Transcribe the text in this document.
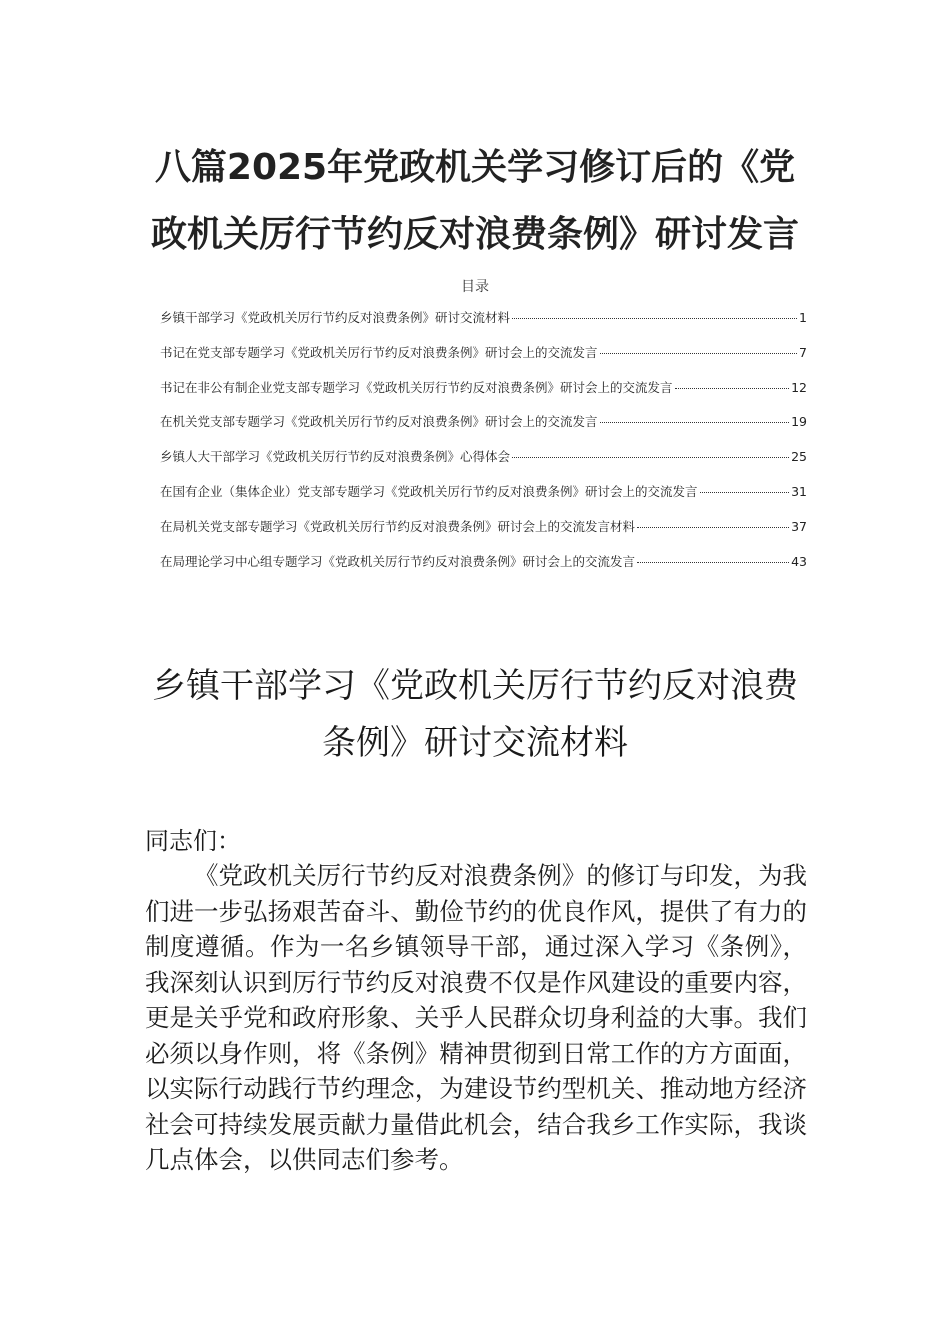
八篇2025年党政机关学习修订后的《党政机关厉行节约反对浪费条例》研讨发言
目录
乡镇干部学习《党政机关厉行节约反对浪费条例》研讨交流材料	1
书记在党支部专题学习《党政机关厉行节约反对浪费条例》研讨会上的交流发言	7
书记在非公有制企业党支部专题学习《党政机关厉行节约反对浪费条例》研讨会上的交流发言	12
在机关党支部专题学习《党政机关厉行节约反对浪费条例》研讨会上的交流发言	19
乡镇人大干部学习《党政机关厉行节约反对浪费条例》心得体会	25
在国有企业（集体企业）党支部专题学习《党政机关厉行节约反对浪费条例》研讨会上的交流发言	31
在局机关党支部专题学习《党政机关厉行节约反对浪费条例》研讨会上的交流发言材料	37
在局理论学习中心组专题学习《党政机关厉行节约反对浪费条例》研讨会上的交流发言	43
乡镇干部学习《党政机关厉行节约反对浪费条例》研讨交流材料
同志们：

《党政机关厉行节约反对浪费条例》的修订与印发，为我们进一步弘扬艰苦奋斗、勤俭节约的优良作风，提供了有力的制度遵循。作为一名乡镇领导干部，通过深入学习《条例》，我深刻认识到厉行节约反对浪费不仅是作风建设的重要内容，更是关乎党和政府形象、关乎人民群众切身利益的大事。我们必须以身作则，将《条例》精神贯彻到日常工作的方方面面，以实际行动践行节约理念，为建设节约型机关、推动地方经济社会可持续发展贡献力量借此机会，结合我乡工作实际，我谈几点体会，以供同志们参考。
